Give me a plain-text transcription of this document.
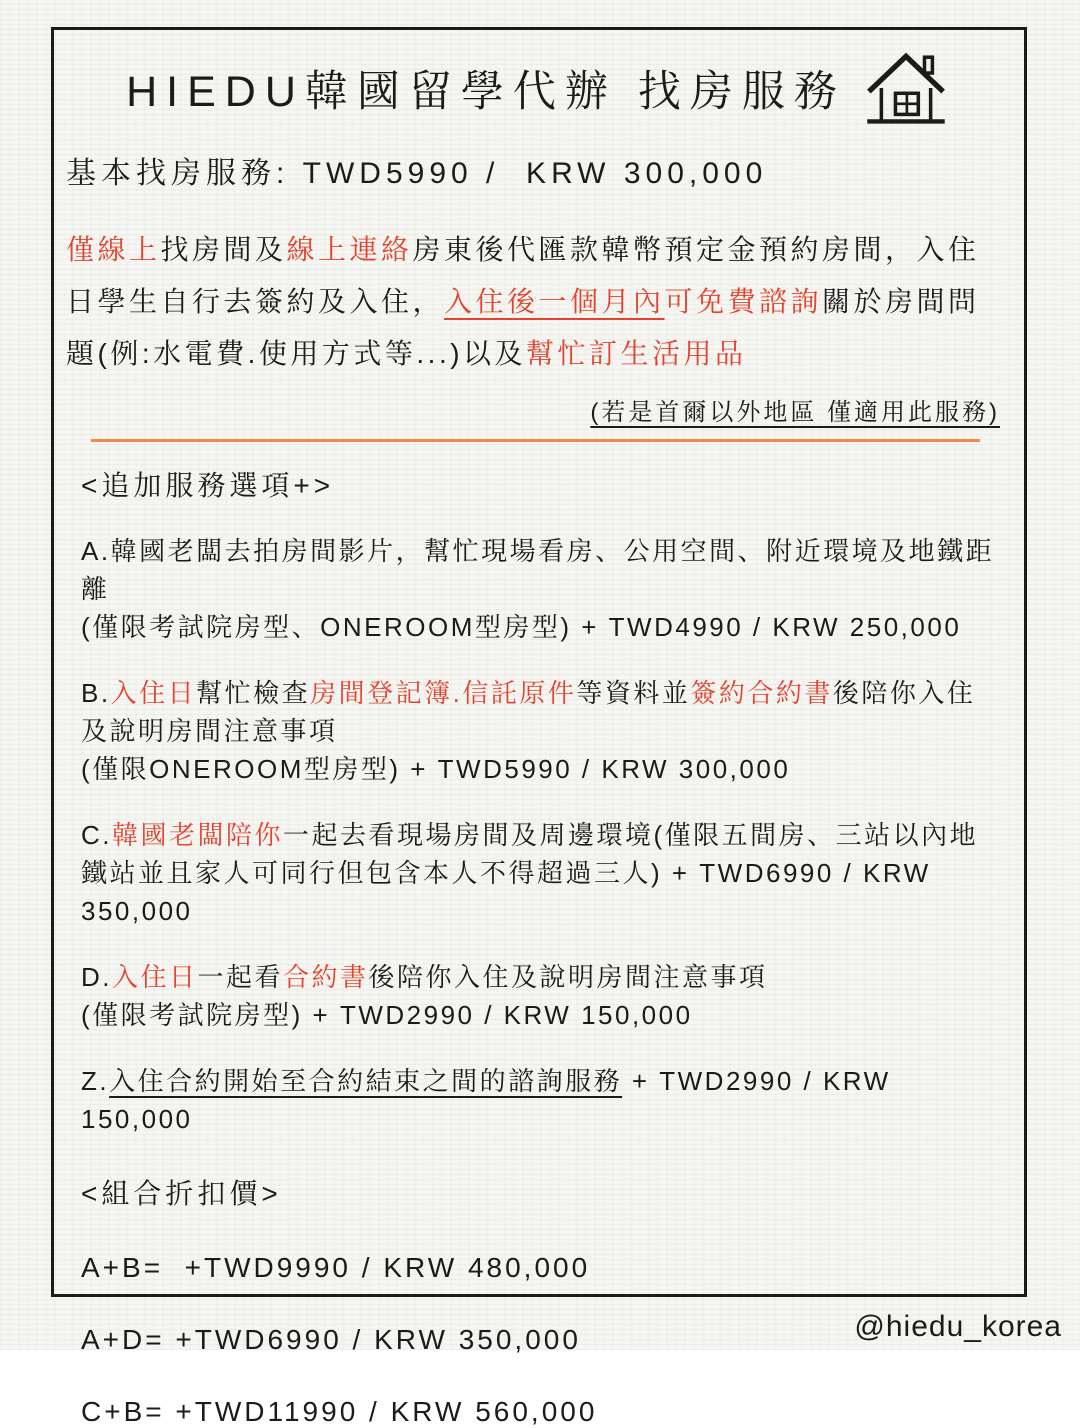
HIEDU韓國留學代辦 找房服務

基本找房服務: TWD5990 /  KRW 300,000

僅線上找房間及線上連絡房東後代匯款韓幣預定金預約房間，入住日學生自行去簽約及入住，入住後一個月內可免費諮詢關於房間問題(例:水電費.使用方式等...)以及幫忙訂生活用品

(若是首爾以外地區 僅適用此服務)

<追加服務選項+>

A.韓國老闆去拍房間影片，幫忙現場看房、公用空間、附近環境及地鐵距離
(僅限考試院房型、ONEROOM型房型) + TWD4990 / KRW 250,000

B.入住日幫忙檢查房間登記簿.信託原件等資料並簽約合約書後陪你入住及說明房間注意事項
(僅限ONEROOM型房型) + TWD5990 / KRW 300,000

C.韓國老闆陪你一起去看現場房間及周邊環境(僅限五間房、三站以內地鐵站並且家人可同行但包含本人不得超過三人) + TWD6990 / KRW 350,000

D.入住日一起看合約書後陪你入住及說明房間注意事項
(僅限考試院房型) + TWD2990 / KRW 150,000

Z.入住合約開始至合約結束之間的諮詢服務 + TWD2990 / KRW 150,000

<組合折扣價>

A+B=  +TWD9990 / KRW 480,000

A+D= +TWD6990 / KRW 350,000

C+B= +TWD11990 / KRW 560,000

@hiedu_korea
